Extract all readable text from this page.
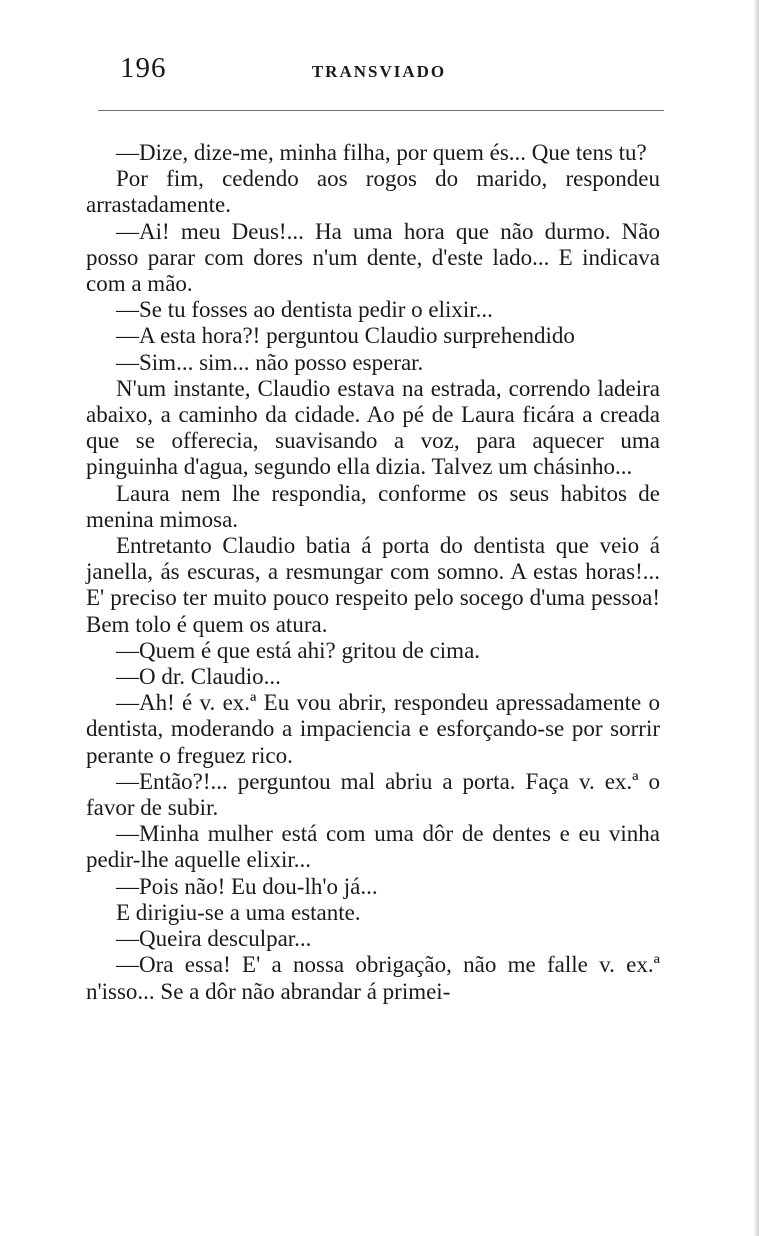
196	TRANSVIADO

—Dize, dize-me, minha filha, por quem és... Que tens tu?

Por fim, cedendo aos rogos do marido, respondeu arrastadamente.

—Ai! meu Deus!... Ha uma hora que não durmo. Não posso parar com dores n'um dente, d'este lado... E indicava com a mão.

—Se tu fosses ao dentista pedir o elixir...

—A esta hora?! perguntou Claudio surprehendido

—Sim... sim... não posso esperar.

N'um instante, Claudio estava na estrada, correndo ladeira abaixo, a caminho da cidade. Ao pé de Laura ficára a creada que se offerecia, suavisando a voz, para aquecer uma pinguinha d'agua, segundo ella dizia. Talvez um chásinho...

Laura nem lhe respondia, conforme os seus habitos de menina mimosa.

Entretanto Claudio batia á porta do dentista que veio á janella, ás escuras, a resmungar com somno. A estas horas!... E' preciso ter muito pouco respeito pelo socego d'uma pessoa! Bem tolo é quem os atura.

—Quem é que está ahi? gritou de cima.

—O dr. Claudio...

—Ah! é v. ex.ª Eu vou abrir, respondeu apressadamente o dentista, moderando a impaciencia e esforçando-se por sorrir perante o freguez rico.

—Então?!... perguntou mal abriu a porta. Faça v. ex.ª o favor de subir.

—Minha mulher está com uma dôr de dentes e eu vinha pedir-lhe aquelle elixir...

—Pois não! Eu dou-lh'o já...

E dirigiu-se a uma estante.

—Queira desculpar...

—Ora essa! E' a nossa obrigação, não me falle v. ex.ª n'isso... Se a dôr não abrandar á primei-
